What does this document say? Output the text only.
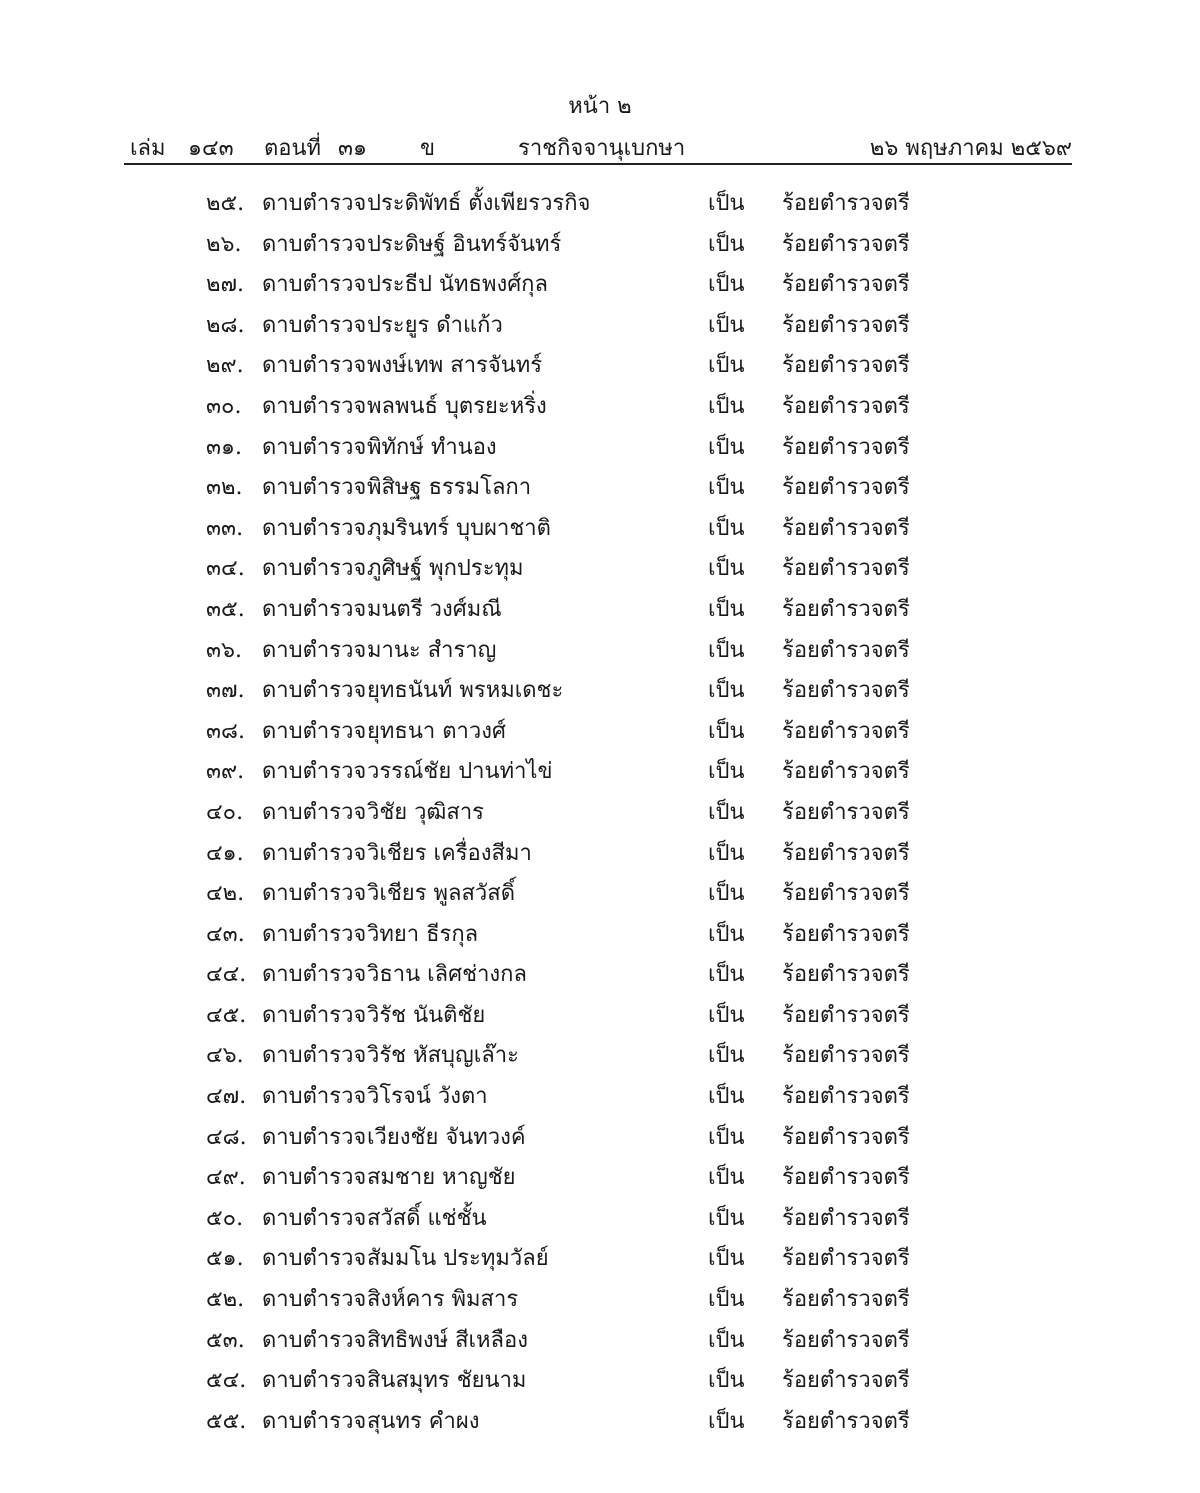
หน้า ๒
เล่ม ๑๔๓ ตอนที่ ๓๑ ข	ราชกิจจานุเบกษา	๒๖ พฤษภาคม ๒๕๖๙
๒๕. ดาบตำรวจ ประดิพัทธ์ ตั้งเพียรวรกิจ	เป็น ร้อยตำรวจตรี
๒๖. ดาบตำรวจ ประดิษฐ์ อินทร์จันทร์	เป็น ร้อยตำรวจตรี
๒๗. ดาบตำรวจ ประธีป นัทธพงศ์กุล	เป็น ร้อยตำรวจตรี
๒๘. ดาบตำรวจ ประยูร ดำแก้ว	เป็น ร้อยตำรวจตรี
๒๙. ดาบตำรวจ พงษ์เทพ สารจันทร์	เป็น ร้อยตำรวจตรี
๓๐. ดาบตำรวจ พลพนธ์ บุตรยะหริ่ง	เป็น ร้อยตำรวจตรี
๓๑. ดาบตำรวจ พิทักษ์ ทำนอง	เป็น ร้อยตำรวจตรี
๓๒. ดาบตำรวจ พิสิษฐ ธรรมโลกา	เป็น ร้อยตำรวจตรี
๓๓. ดาบตำรวจ ภุมรินทร์ บุบผาชาติ	เป็น ร้อยตำรวจตรี
๓๔. ดาบตำรวจ ภูศิษฐ์ พุกประทุม	เป็น ร้อยตำรวจตรี
๓๕. ดาบตำรวจ มนตรี วงศ์มณี	เป็น ร้อยตำรวจตรี
๓๖. ดาบตำรวจ มานะ สำราญ	เป็น ร้อยตำรวจตรี
๓๗. ดาบตำรวจ ยุทธนันท์ พรหมเดชะ	เป็น ร้อยตำรวจตรี
๓๘. ดาบตำรวจ ยุทธนา ตาวงศ์	เป็น ร้อยตำรวจตรี
๓๙. ดาบตำรวจ วรรณ์ชัย ปานท่าไข่	เป็น ร้อยตำรวจตรี
๔๐. ดาบตำรวจ วิชัย วุฒิสาร	เป็น ร้อยตำรวจตรี
๔๑. ดาบตำรวจ วิเชียร เครื่องสีมา	เป็น ร้อยตำรวจตรี
๔๒. ดาบตำรวจ วิเชียร พูลสวัสดิ์	เป็น ร้อยตำรวจตรี
๔๓. ดาบตำรวจ วิทยา ธีรกุล	เป็น ร้อยตำรวจตรี
๔๔. ดาบตำรวจ วิธาน เลิศช่างกล	เป็น ร้อยตำรวจตรี
๔๕. ดาบตำรวจ วิรัช นันติชัย	เป็น ร้อยตำรวจตรี
๔๖. ดาบตำรวจ วิรัช หัสบุญเล๊าะ	เป็น ร้อยตำรวจตรี
๔๗. ดาบตำรวจ วิโรจน์ วังตา	เป็น ร้อยตำรวจตรี
๔๘. ดาบตำรวจ เวียงชัย จันทวงค์	เป็น ร้อยตำรวจตรี
๔๙. ดาบตำรวจ สมชาย หาญชัย	เป็น ร้อยตำรวจตรี
๕๐. ดาบตำรวจ สวัสดิ์ แช่ชั้น	เป็น ร้อยตำรวจตรี
๕๑. ดาบตำรวจ สัมมโน ประทุมวัลย์	เป็น ร้อยตำรวจตรี
๕๒. ดาบตำรวจ สิงห์คาร พิมสาร	เป็น ร้อยตำรวจตรี
๕๓. ดาบตำรวจ สิทธิพงษ์ สีเหลือง	เป็น ร้อยตำรวจตรี
๕๔. ดาบตำรวจ สินสมุทร ชัยนาม	เป็น ร้อยตำรวจตรี
๕๕. ดาบตำรวจ สุนทร คำผง	เป็น ร้อยตำรวจตรี
